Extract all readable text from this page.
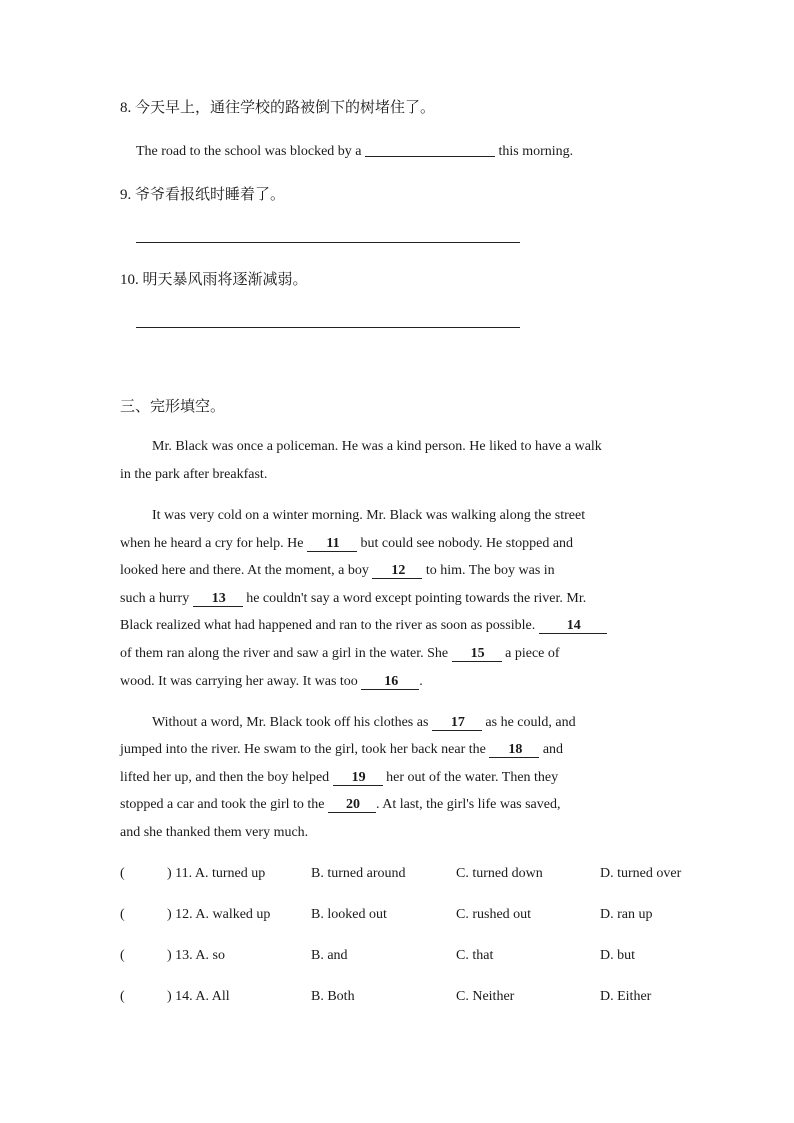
8. 今天早上，通往学校的路被倒下的树堵住了。
The road to the school was blocked by a	this morning.
9. 爷爷看报纸时睡着了。
10. 明天暴风雨将逐渐减弱。
三、完形填空。
Mr. Black was once a policeman. He was a kind person. He liked to have a walk
in the park after breakfast.
It was very cold on a winter morning. Mr. Black was walking along the street
when he heard a cry for help. He 11 but could see nobody. He stopped and
looked here and there. At the moment, a boy 12 to him. The boy was in
such a hurry 13 he couldn't say a word except pointing towards the river. Mr.
Black realized what had happened and ran to the river as soon as possible. 14
of them ran along the river and saw a girl in the water. She 15 a piece of
wood. It was carrying her away. It was too 16 .
Without a word, Mr. Black took off his clothes as 17 as he could, and
jumped into the river. He swam to the girl, took her back near the 18 and
lifted her up, and then the boy helped 19 her out of the water. Then they
stopped a car and took the girl to the 20 . At last, the girl's life was saved,
and she thanked them very much.
(	) 11. A. turned up	B. turned around	C. turned down	D. turned over
(	) 12. A. walked up	B. looked out	C. rushed out	D. ran up
(	) 13. A. so	B. and	C. that	D. but
(	) 14. A. All	B. Both	C. Neither	D. Either
